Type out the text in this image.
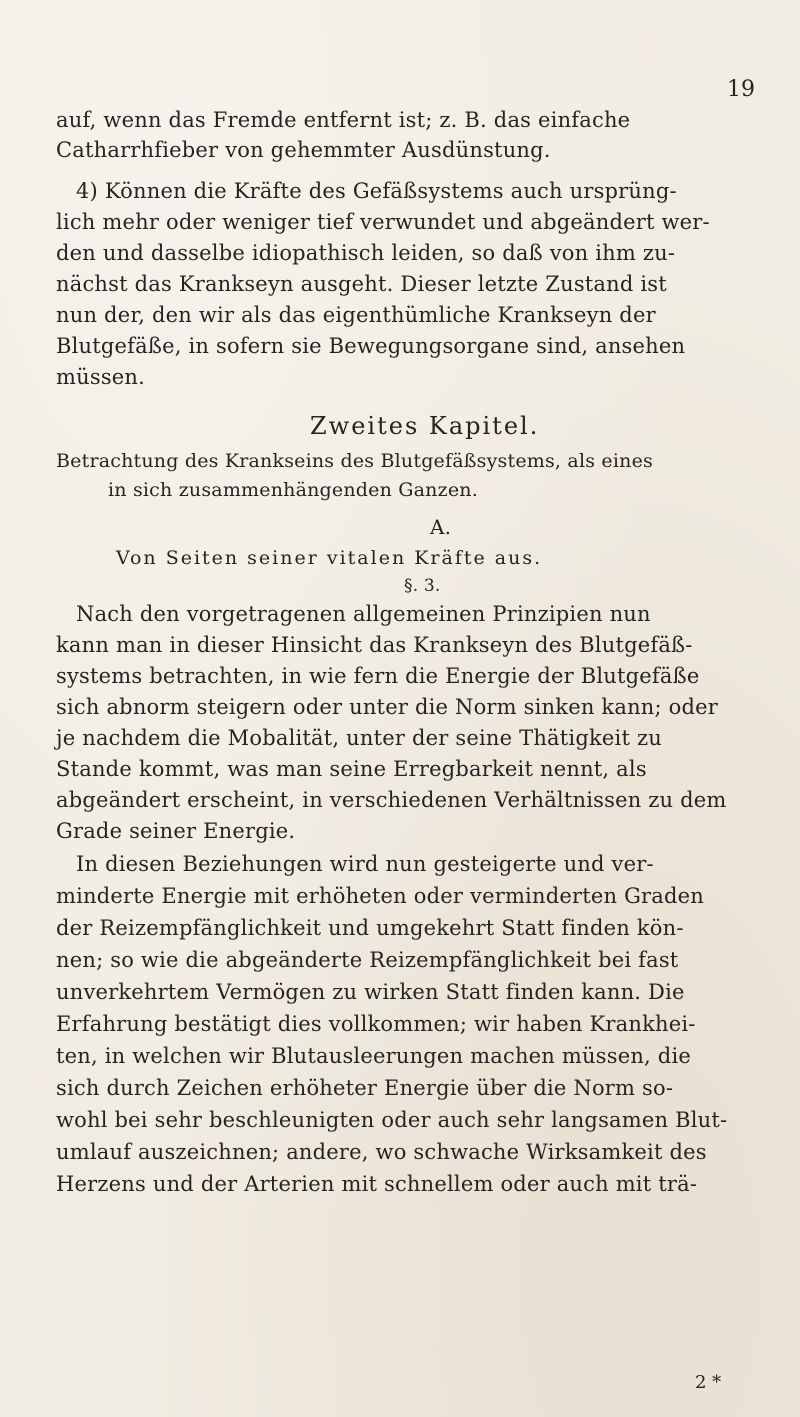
19
auf, wenn das Fremde entfernt ist; z. B. das einfache
Catharrhfieber von gehemmter Ausdünstung.
4) Können die Kräfte des Gefäßsystems auch ursprüng-
lich mehr oder weniger tief verwundet und abgeändert wer-
den und dasselbe idiopathisch leiden, so daß von ihm zu-
nächst das Krankseyn ausgeht. Dieser letzte Zustand ist
nun der, den wir als das eigenthümliche Krankseyn der
Blutgefäße, in sofern sie Bewegungsorgane sind, ansehen
müssen.
Zweites Kapitel.
Betrachtung des Krankseins des Blutgefäßsystems, als eines
in sich zusammenhängenden Ganzen.
A.
Von Seiten seiner vitalen Kräfte aus.
§. 3.
Nach den vorgetragenen allgemeinen Prinzipien nun
kann man in dieser Hinsicht das Krankseyn des Blutgefäß-
systems betrachten, in wie fern die Energie der Blutgefäße
sich abnorm steigern oder unter die Norm sinken kann; oder
je nachdem die Mobalität, unter der seine Thätigkeit zu
Stande kommt, was man seine Erregbarkeit nennt, als
abgeändert erscheint, in verschiedenen Verhältnissen zu dem
Grade seiner Energie.
In diesen Beziehungen wird nun gesteigerte und ver-
minderte Energie mit erhöheten oder verminderten Graden
der Reizempfänglichkeit und umgekehrt Statt finden kön-
nen; so wie die abgeänderte Reizempfänglichkeit bei fast
unverkehrtem Vermögen zu wirken Statt finden kann. Die
Erfahrung bestätigt dies vollkommen; wir haben Krankhei-
ten, in welchen wir Blutausleerungen machen müssen, die
sich durch Zeichen erhöheter Energie über die Norm so-
wohl bei sehr beschleunigten oder auch sehr langsamen Blut-
umlauf auszeichnen; andere, wo schwache Wirksamkeit des
Herzens und der Arterien mit schnellem oder auch mit trä-
2 *
